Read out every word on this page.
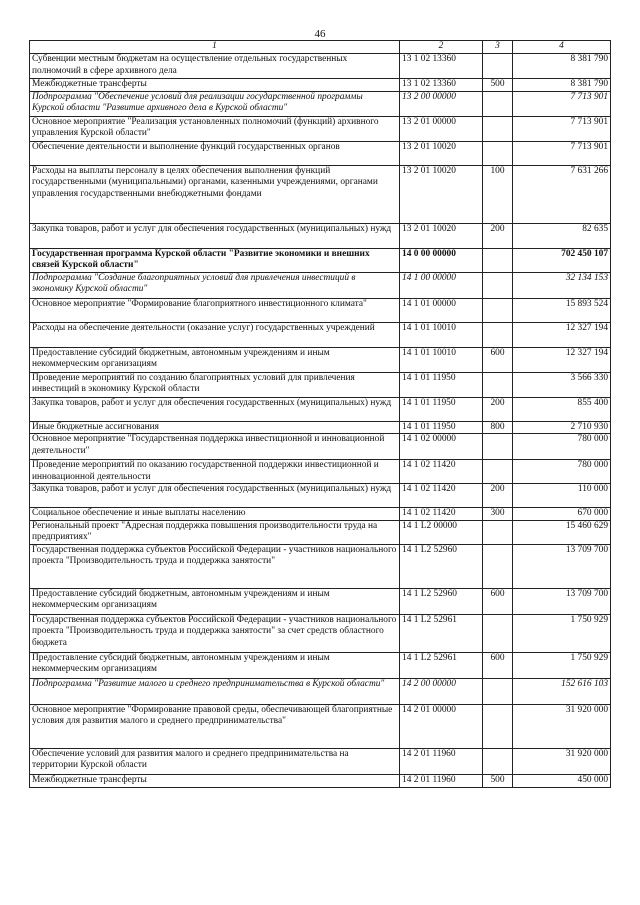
46
1	2	3	4
Субвенции местным бюджетам на осуществление отдельных государственных полномочий в сфере архивного дела	13 1 02 13360		8 381 790
Межбюджетные трансферты	13 1 02 13360	500	8 381 790
Подпрограмма "Обеспечение условий для реализации государственной программы Курской области "Развитие архивного дела в Курской области"	13 2 00 00000		7 713 901
Основное мероприятие "Реализация установленных полномочий (функций) архивного управления Курской области"	13 2 01 00000		7 713 901
Обеспечение деятельности и выполнение функций государственных органов	13 2 01 10020		7 713 901
Расходы на выплаты персоналу в целях обеспечения выполнения функций государственными (муниципальными) органами, казенными учреждениями, органами управления государственными внебюджетными фондами	13 2 01 10020	100	7 631 266
Закупка товаров, работ и услуг для обеспечения государственных (муниципальных) нужд	13 2 01 10020	200	82 635
Государственная программа Курской области "Развитие экономики и внешних связей Курской области"	14 0 00 00000		702 450 107
Подпрограмма "Создание благоприятных условий для привлечения инвестиций в экономику Курской области"	14 1 00 00000		32 134 153
Основное мероприятие "Формирование благоприятного инвестиционного климата"	14 1 01 00000		15 893 524
Расходы на обеспечение деятельности (оказание услуг) государственных учреждений	14 1 01 10010		12 327 194
Предоставление субсидий бюджетным, автономным учреждениям и иным некоммерческим организациям	14 1 01 10010	600	12 327 194
Проведение мероприятий по созданию благоприятных условий для привлечения инвестиций в экономику Курской области	14 1 01 11950		3 566 330
Закупка товаров, работ и услуг для обеспечения государственных (муниципальных) нужд	14 1 01 11950	200	855 400
Иные бюджетные ассигнования	14 1 01 11950	800	2 710 930
Основное мероприятие "Государственная поддержка инвестиционной и инновационной деятельности"	14 1 02 00000		780 000
Проведение мероприятий по оказанию государственной поддержки инвестиционной и инновационной деятельности	14 1 02 11420		780 000
Закупка товаров, работ и услуг для обеспечения государственных (муниципальных) нужд	14 1 02 11420	200	110 000
Социальное обеспечение и иные выплаты населению	14 1 02 11420	300	670 000
Региональный проект "Адресная поддержка повышения производительности труда на предприятиях"	14 1 L2 00000		15 460 629
Государственная поддержка субъектов Российской Федерации - участников национального проекта "Производительность труда и поддержка занятости"	14 1 L2 52960		13 709 700
Предоставление субсидий бюджетным, автономным учреждениям и иным некоммерческим организациям	14 1 L2 52960	600	13 709 700
Государственная поддержка субъектов Российской Федерации - участников национального проекта "Производительность труда и поддержка занятости" за счет средств областного бюджета	14 1 L2 52961		1 750 929
Предоставление субсидий бюджетным, автономным учреждениям и иным некоммерческим организациям	14 1 L2 52961	600	1 750 929
Подпрограмма "Развитие малого и среднего предпринимательства в Курской области"	14 2 00 00000		152 616 103
Основное мероприятие "Формирование правовой среды, обеспечивающей благоприятные условия для развития малого и среднего предпринимательства"	14 2 01 00000		31 920 000
Обеспечение условий для развития малого и среднего предпринимательства на территории Курской области	14 2 01 11960		31 920 000
Межбюджетные трансферты	14 2 01 11960	500	450 000
